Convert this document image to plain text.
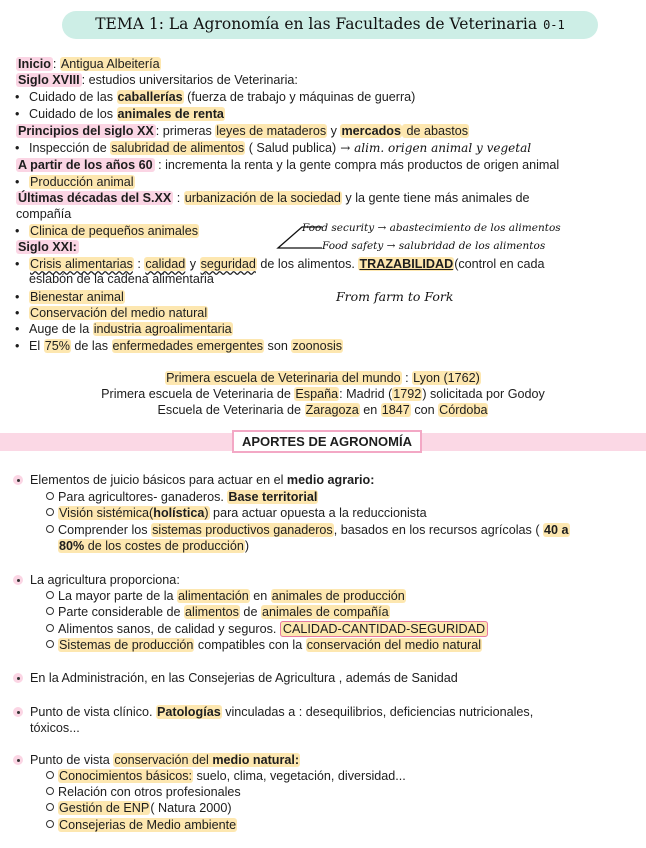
TEMA 1: La Agronomía en las Facultades de Veterinaria 0-1
Inicio : Antigua Albeitería
Siglo XVIII : estudios universitarios de Veterinaria:
• Cuidado de las caballerías (fuerza de trabajo y máquinas de guerra)
• Cuidado de los animales de renta
Principios del siglo XX : primeras leyes de mataderos y mercados de abastos
• Inspección de salubridad de alimentos ( Salud publica) → alim. origen animal y vegetal
A partir de los años 60 : incrementa la renta y la gente compra más productos de origen animal
• Producción animal
Últimas décadas del S.XX : urbanización de la sociedad y la gente tiene más animales de
compañía
• Clinica de pequeños animales
Siglo XXI:
Food security → abastecimiento de los alimentos
Food safety → salubridad de los alimentos
• Crisis alimentarias : calidad y seguridad de los alimentos. TRAZABILIDAD(control en cada
eslabón de la cadena alimentaria
• Bienestar animal	From farm to Fork
• Conservación del medio natural
• Auge de la industria agroalimentaria
• El 75% de las enfermedades emergentes son zoonosis
Primera escuela de Veterinaria del mundo : Lyon (1762)
Primera escuela de Veterinaria de España: Madrid (1792) solicitada por Godoy
Escuela de Veterinaria de Zaragoza en 1847 con Córdoba
APORTES DE AGRONOMÍA
Elementos de juicio básicos para actuar en el medio agrario:
Para agricultores- ganaderos. Base territorial
Visión sistémica(holística) para actuar opuesta a la reduccionista
Comprender los sistemas productivos ganaderos, basados en los recursos agrícolas ( 40 a
80% de los costes de producción)
La agricultura proporciona:
La mayor parte de la alimentación en animales de producción
Parte considerable de alimentos de animales de compañía
Alimentos sanos, de calidad y seguros. CALIDAD-CANTIDAD-SEGURIDAD
Sistemas de producción compatibles con la conservación del medio natural
En la Administración, en las Consejerias de Agricultura , además de Sanidad
Punto de vista clínico. Patologías vinculadas a : desequilibrios, deficiencias nutricionales,
tóxicos...
Punto de vista conservación del medio natural:
Conocimientos básicos: suelo, clima, vegetación, diversidad...
Relación con otros profesionales
Gestión de ENP( Natura 2000)
Consejerias de Medio ambiente
